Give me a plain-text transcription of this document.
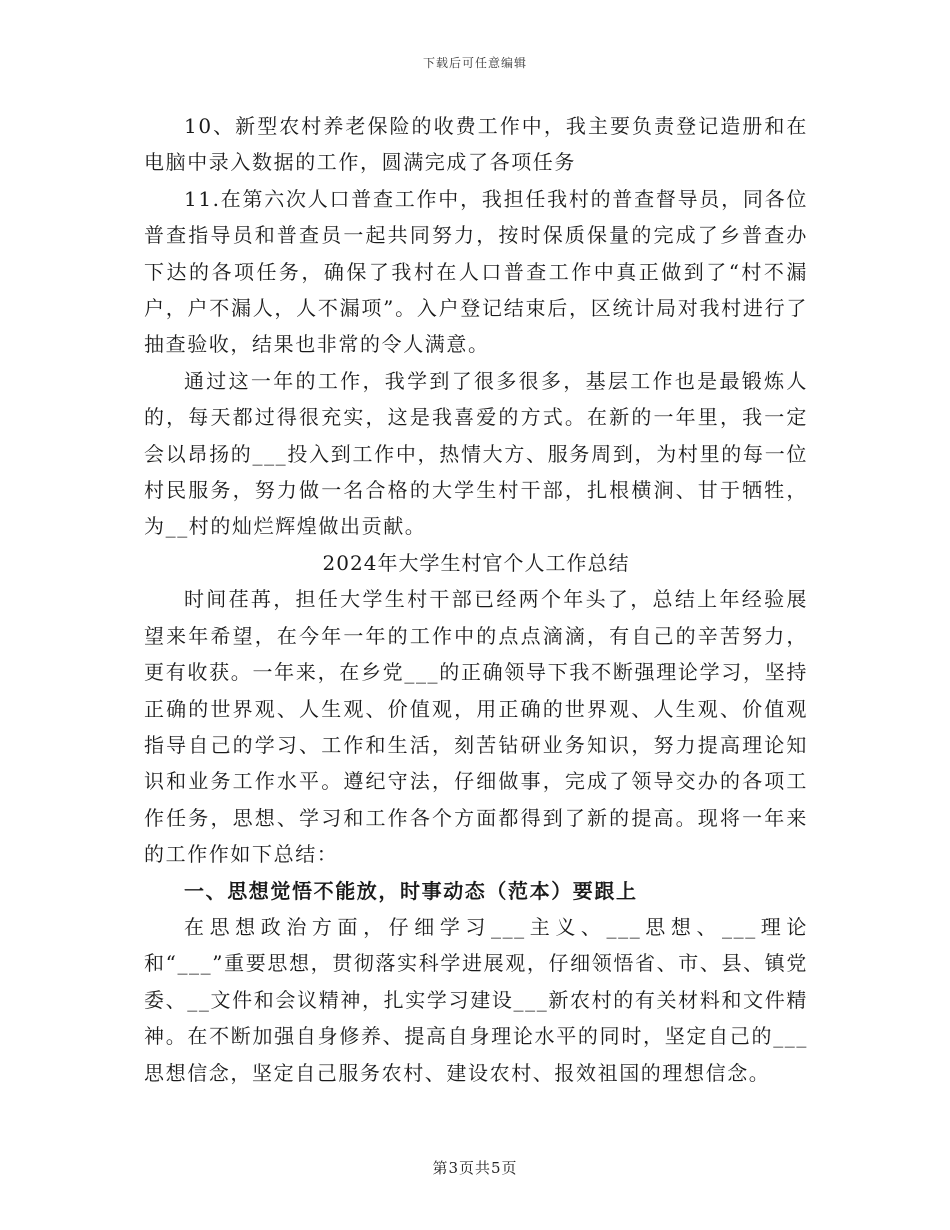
下载后可任意编辑

10、新型农村养老保险的收费工作中，我主要负责登记造册和在电脑中录入数据的工作，圆满完成了各项任务

11.在第六次人口普查工作中，我担任我村的普查督导员，同各位普查指导员和普查员一起共同努力，按时保质保量的完成了乡普查办下达的各项任务，确保了我村在人口普查工作中真正做到了“村不漏户，户不漏人，人不漏项”。入户登记结束后，区统计局对我村进行了抽查验收，结果也非常的令人满意。

通过这一年的工作，我学到了很多很多，基层工作也是最锻炼人的，每天都过得很充实，这是我喜爱的方式。在新的一年里，我一定会以昂扬的___投入到工作中，热情大方、服务周到，为村里的每一位村民服务，努力做一名合格的大学生村干部，扎根横涧、甘于牺牲，为__村的灿烂辉煌做出贡献。

2024年大学生村官个人工作总结

时间荏苒，担任大学生村干部已经两个年头了，总结上年经验展望来年希望，在今年一年的工作中的点点滴滴，有自己的辛苦努力，更有收获。一年来，在乡党___的正确领导下我不断强理论学习，坚持正确的世界观、人生观、价值观，用正确的世界观、人生观、价值观指导自己的学习、工作和生活，刻苦钻研业务知识，努力提高理论知识和业务工作水平。遵纪守法，仔细做事，完成了领导交办的各项工作任务，思想、学习和工作各个方面都得到了新的提高。现将一年来的工作作如下总结：

一、思想觉悟不能放，时事动态（范本）要跟上

在思想政治方面，仔细学习___主义、___思想、___理论和“___”重要思想，贯彻落实科学进展观，仔细领悟省、市、县、镇党委、__文件和会议精神，扎实学习建设___新农村的有关材料和文件精神。在不断加强自身修养、提高自身理论水平的同时，坚定自己的___思想信念，坚定自己服务农村、建设农村、报效祖国的理想信念。

第3页共5页
